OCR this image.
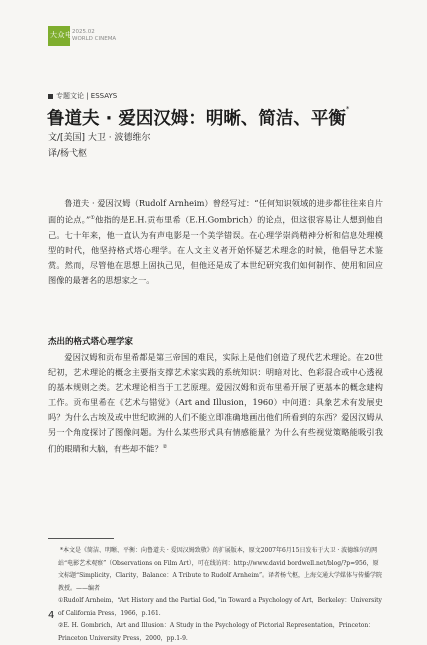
大众电影
2025.02
WORLD CINEMA
专题文论 | ESSAYS
鲁道夫 · 爱因汉姆：明晰、简洁、平衡*
文/[美国] 大卫 · 波德维尔
译/杨弋枢

鲁道夫 · 爱因汉姆（Rudolf Arnheim）曾经写过：“任何知识领域的进步都往往来自片面的论点。”①他指的是E.H.贡布里希（E.H.Gombrich）的论点，但这很容易让人想到他自己。七十年来，他一直认为有声电影是一个美学错误。在心理学崇尚精神分析和信息处理模型的时代，他坚持格式塔心理学。在人文主义者开始怀疑艺术理念的时候，他倡导艺术鉴赏。然而，尽管他在思想上固执己见，但他还是成了本世纪研究我们如何制作、使用和回应图像的最著名的思想家之一。

杰出的格式塔心理学家

爱因汉姆和贡布里希都是第三帝国的难民，实际上是他们创造了现代艺术理论。在20世纪初，艺术理论的概念主要指支撑艺术家实践的系统知识：明暗对比、色彩混合或中心透视的基本规则之类。艺术理论相当于工艺原理。爱因汉姆和贡布里希开展了更基本的概念建构工作。贡布里希在《艺术与错觉》（Art and Illusion，1960）中问道：具象艺术有发展史吗？为什么古埃及或中世纪欧洲的人们不能立即准确地画出他们所看到的东西？爱因汉姆从另一个角度探讨了图像问题。为什么某些形式具有情感能量？为什么有些视觉策略能吸引我们的眼睛和大脑，有些却不能？②

*本文是《简洁、明晰、平衡：向鲁道夫 · 爱因汉姆致敬》的扩展版本，原文2007年6月15日发布于大卫 · 波德维尔的网站“电影艺术观察”（Observations on Film Art），可在线访问：http://www.david bordwell.net/blog/?p=956，原文标题“Simplicity，Clarity，Balance：A Tribute to Rudolf Arnheim”。译者杨弋枢，上海交通大学媒体与传播学院教授。——编者

①Rudolf Arnheim，“Art History and the Partial God，”in Toward a Psychology of Art，Berkeley：University of California Press，1966，p.161.

②E. H. Gombrich，Art and Illusion：A Study in the Psychology of Pictorial Representation，Princeton：Princeton University Press，2000，pp.1-9.

4
